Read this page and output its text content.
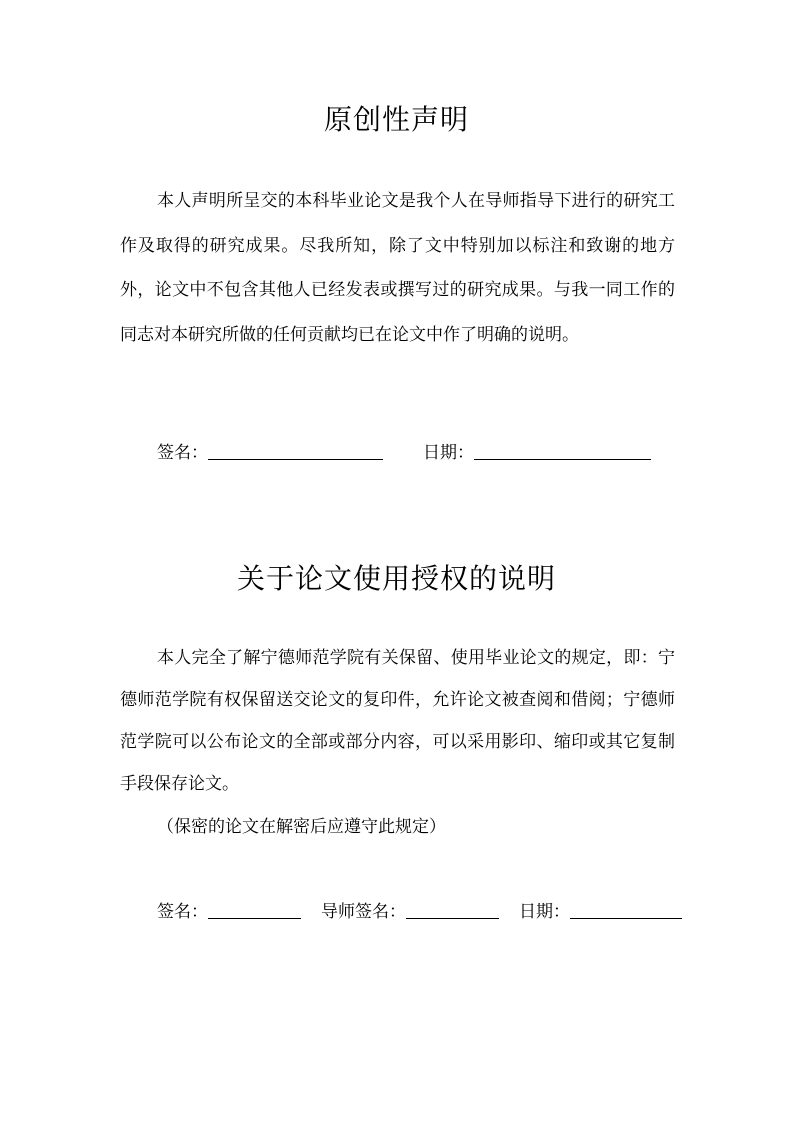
原创性声明

本人声明所呈交的本科毕业论文是我个人在导师指导下进行的研究工作及取得的研究成果。尽我所知，除了文中特别加以标注和致谢的地方外，论文中不包含其他人已经发表或撰写过的研究成果。与我一同工作的同志对本研究所做的任何贡献均已在论文中作了明确的说明。

签名：	日期：
关于论文使用授权的说明

本人完全了解宁德师范学院有关保留、使用毕业论文的规定，即：宁德师范学院有权保留送交论文的复印件，允许论文被查阅和借阅；宁德师范学院可以公布论文的全部或部分内容，可以采用影印、缩印或其它复制手段保存论文。

（保密的论文在解密后应遵守此规定）
签名：	导师签名：	日期：
